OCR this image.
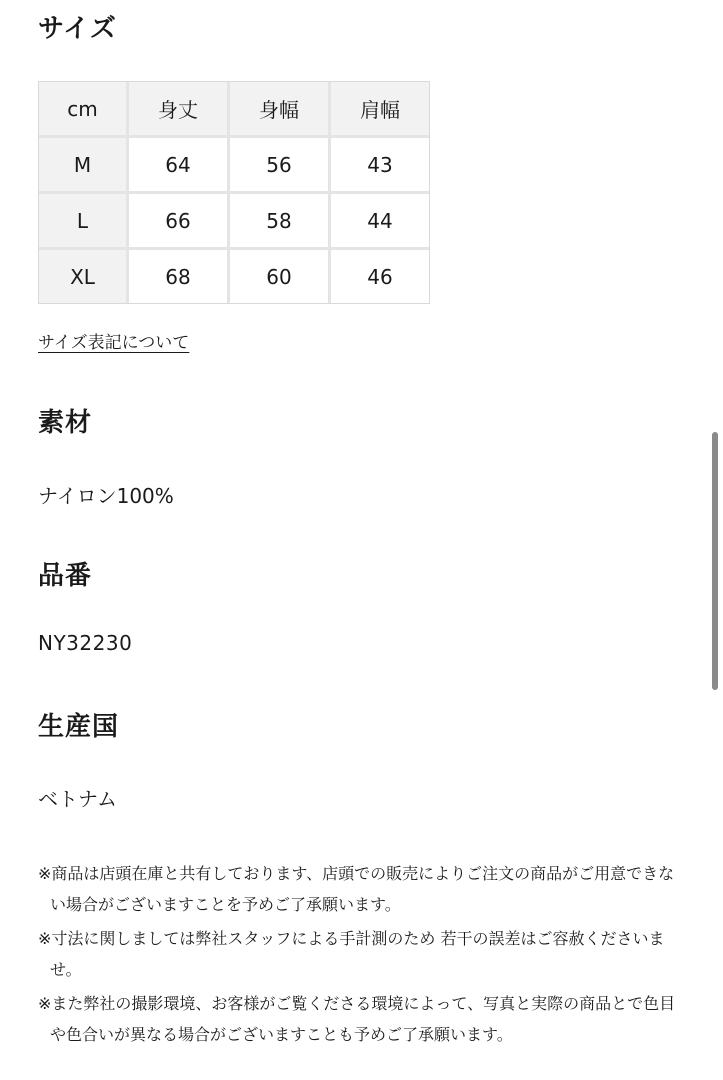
サイズ
cm	身丈	身幅	肩幅
M	64	56	43
L	66	58	44
XL	68	60	46
サイズ表記について
素材
ナイロン100%
品番
NY32230
生産国
ベトナム

※商品は店頭在庫と共有しております、店頭での販売によりご注文の商品がご用意できない場合がございますことを予めご了承願います。

※寸法に関しましては弊社スタッフによる手計測のため 若干の誤差はご容赦くださいませ。

※また弊社の撮影環境、お客様がご覧くださる環境によって、写真と実際の商品とで色目や色合いが異なる場合がございますことも予めご了承願います。
